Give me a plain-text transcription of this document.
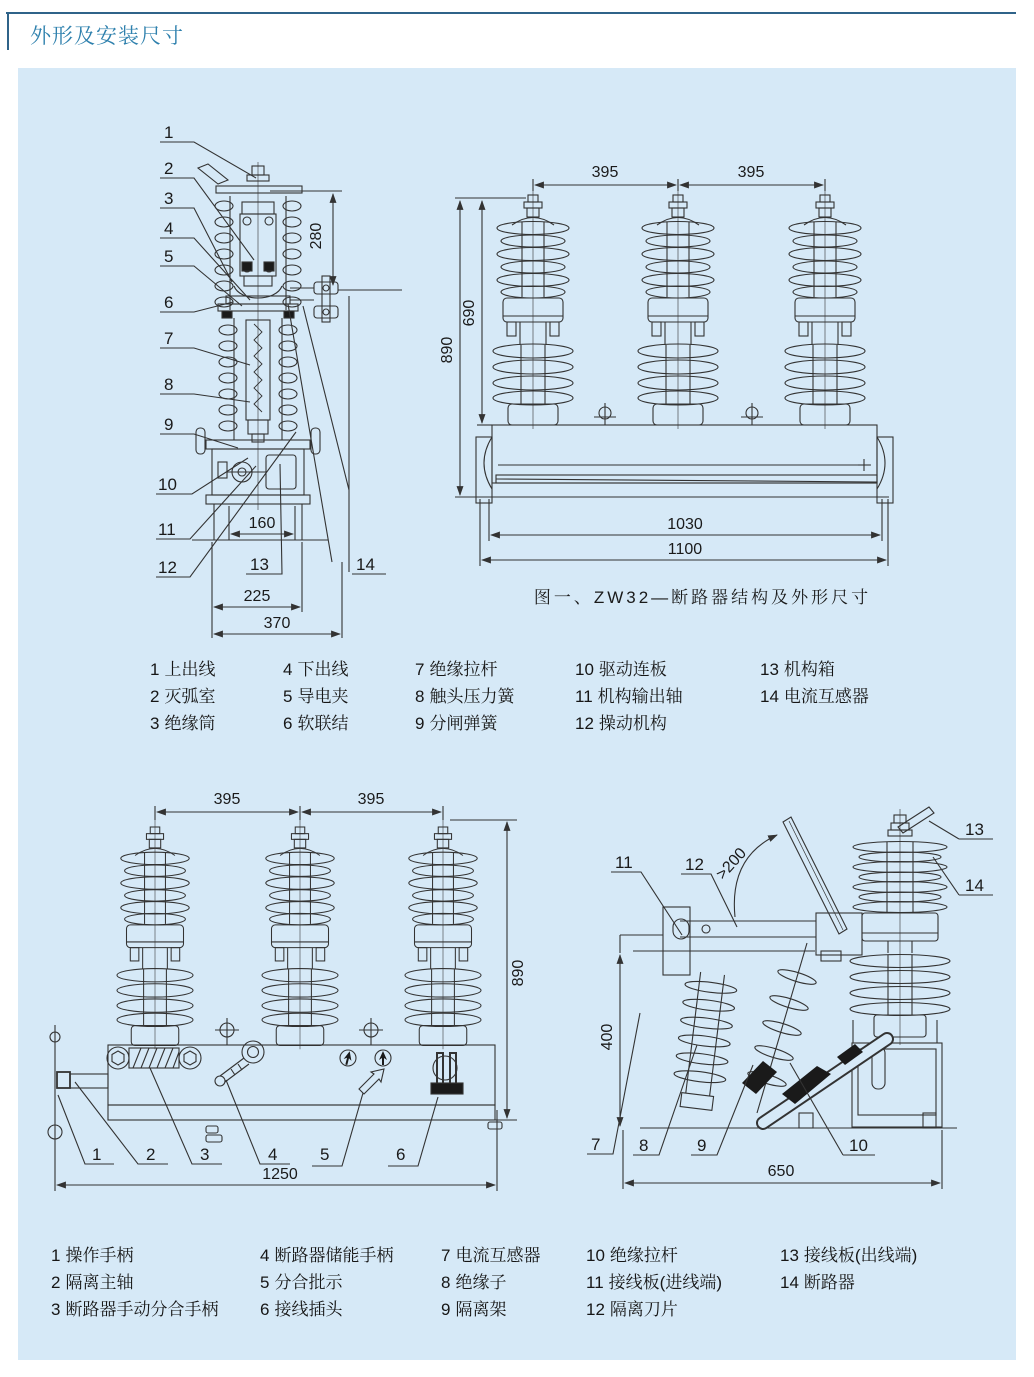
外形及安装尺寸
1
2
3
4
5
6
7
8
9
10
11
12	13	14
280
160
225
370
395	395
890
690
1030
1100
图一、ZW32—断路器结构及外形尺寸
1 上出线
2 灭弧室
3 绝缘筒
4 下出线
5 导电夹
6 软联结
7 绝缘拉杆
8 触头压力簧
9 分闸弹簧
10 驱动连板
11 机构输出轴
12 操动机构
13 机构箱
14 电流互感器
395	395
890
1250
1	2	3	4	5	6
11	12
13
14
7 8	9	10
>200
400
650
1 操作手柄
2 隔离主轴
3 断路器手动分合手柄
4 断路器储能手柄
5 分合批示
6 接线插头
7 电流互感器
8 绝缘子
9 隔离架
10 绝缘拉杆
11 接线板(进线端)
12 隔离刀片
13 接线板(出线端)
14 断路器
